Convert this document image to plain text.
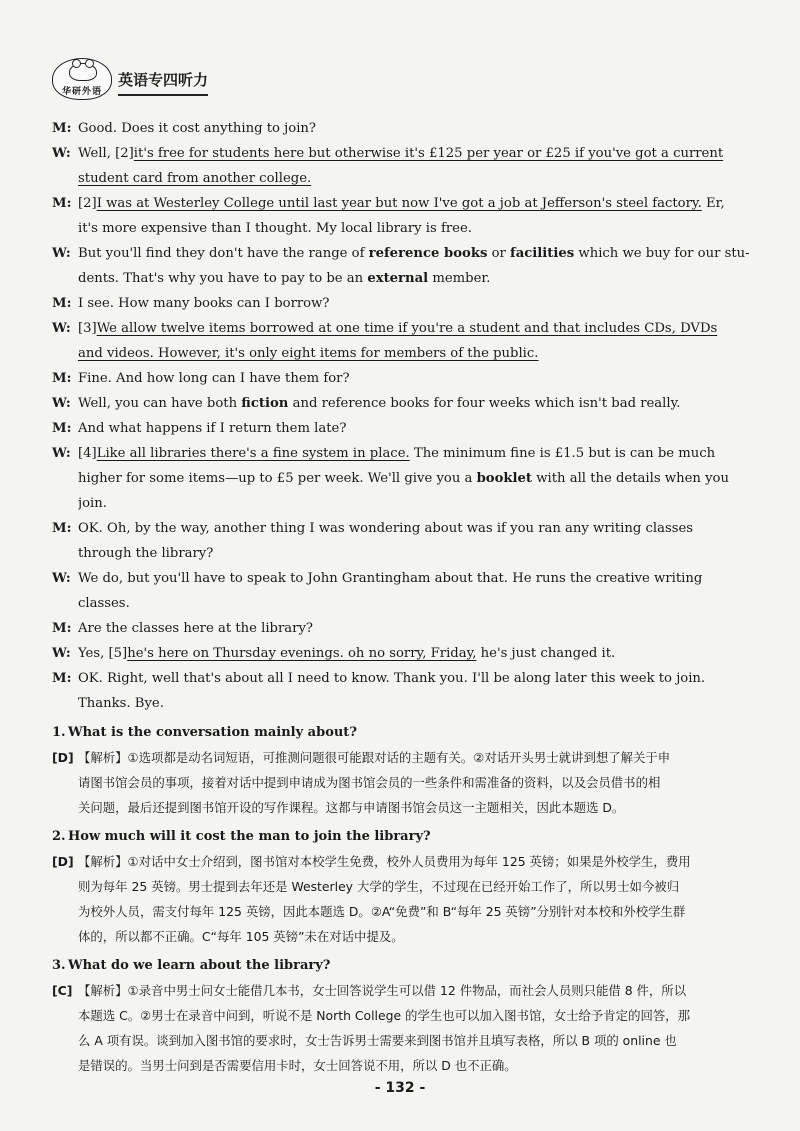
华研外语
英语专四听力
M: Good. Does it cost anything to join?
W: Well, [2]it's free for students here but otherwise it's £125 per year or £25 if you've got a current
student card from another college.
M: [2]I was at Westerley College until last year but now I've got a job at Jefferson's steel factory. Er,
it's more expensive than I thought. My local library is free.
W: But you'll find they don't have the range of reference books or facilities which we buy for our stu-
dents. That's why you have to pay to be an external member.
M: I see. How many books can I borrow?
W: [3]We allow twelve items borrowed at one time if you're a student and that includes CDs, DVDs
and videos. However, it's only eight items for members of the public.
M: Fine. And how long can I have them for?
W: Well, you can have both fiction and reference books for four weeks which isn't bad really.
M: And what happens if I return them late?
W: [4]Like all libraries there's a fine system in place. The minimum fine is £1.5 but is can be much
higher for some items—up to £5 per week. We'll give you a booklet with all the details when you
join.
M: OK. Oh, by the way, another thing I was wondering about was if you ran any writing classes
through the library?
W: We do, but you'll have to speak to John Grantingham about that. He runs the creative writing
classes.
M: Are the classes here at the library?
W: Yes, [5]he's here on Thursday evenings. oh no sorry, Friday, he's just changed it.
M: OK. Right, well that's about all I need to know. Thank you. I'll be along later this week to join.
Thanks. Bye.
1. What is the conversation mainly about?
[D] 【解析】①选项都是动名词短语，可推测问题很可能跟对话的主题有关。②对话开头男士就讲到想了解关于申
请图书馆会员的事项，接着对话中提到申请成为图书馆会员的一些条件和需准备的资料，以及会员借书的相
关问题，最后还提到图书馆开设的写作课程。这都与申请图书馆会员这一主题相关，因此本题选 D。
2. How much will it cost the man to join the library?
[D] 【解析】①对话中女士介绍到，图书馆对本校学生免费，校外人员费用为每年 125 英镑；如果是外校学生，费用
则为每年 25 英镑。男士提到去年还是 Westerley 大学的学生，不过现在已经开始工作了，所以男士如今被归
为校外人员，需支付每年 125 英镑，因此本题选 D。②A“免费”和 B“每年 25 英镑”分别针对本校和外校学生群
体的，所以都不正确。C“每年 105 英镑”未在对话中提及。
3. What do we learn about the library?
[C] 【解析】①录音中男士问女士能借几本书，女士回答说学生可以借 12 件物品，而社会人员则只能借 8 件，所以
本题选 C。②男士在录音中问到，听说不是 North College 的学生也可以加入图书馆，女士给予肯定的回答，那
么 A 项有误。谈到加入图书馆的要求时，女士告诉男士需要来到图书馆并且填写表格，所以 B 项的 online 也
是错误的。当男士问到是否需要信用卡时，女士回答说不用，所以 D 也不正确。
- 132 -
